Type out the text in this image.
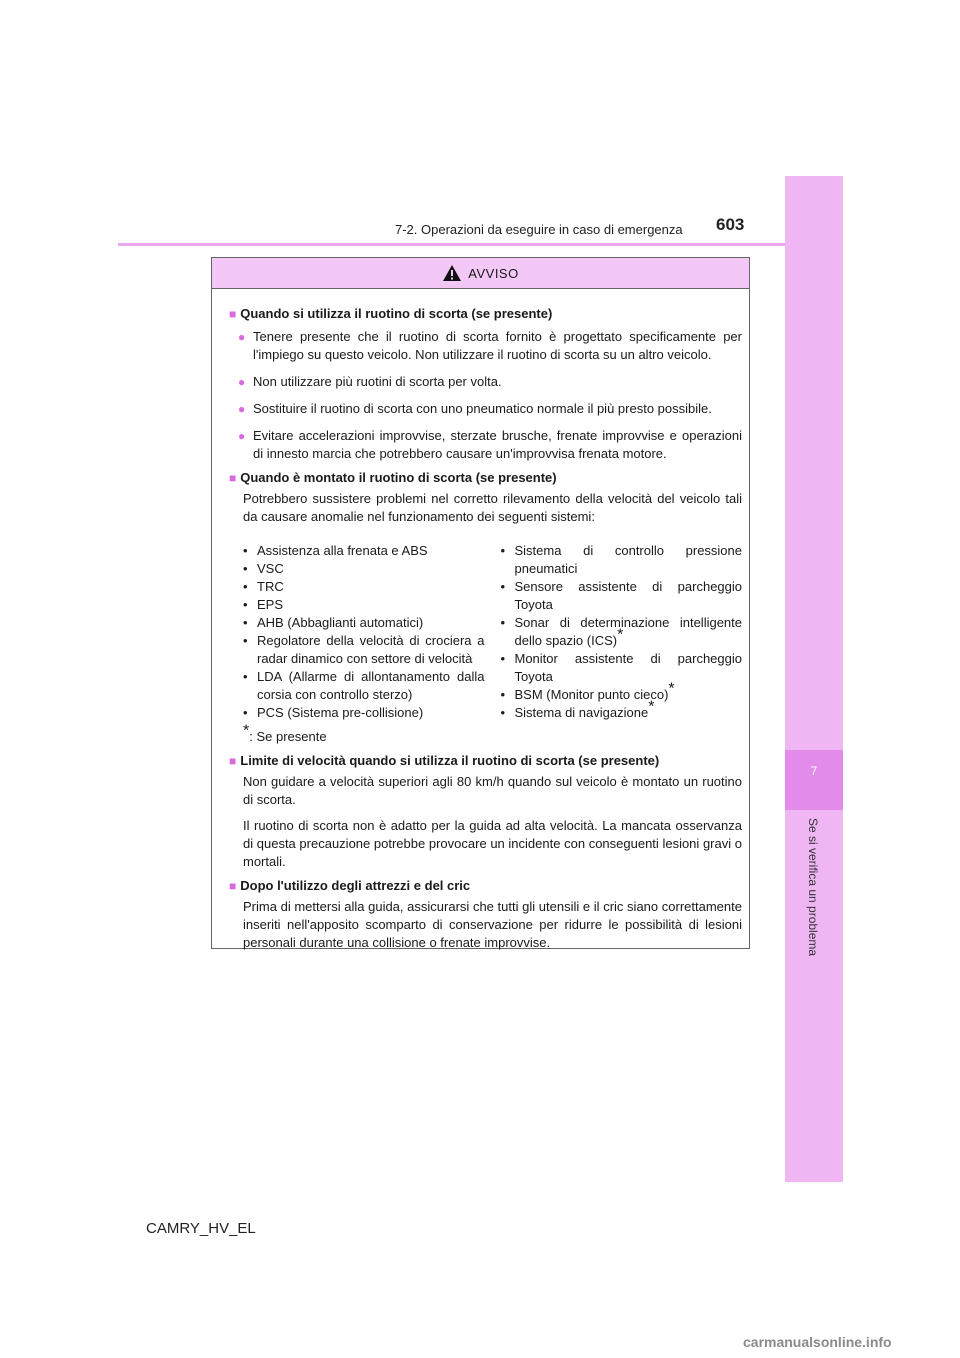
7
Se si verifica un problema
7-2. Operazioni da eseguire in caso di emergenza 603
AVVISO
■ Quando si utilizza il ruotino di scorta (se presente)
● Tenere presente che il ruotino di scorta fornito è progettato specificamente per l'impiego su questo veicolo. Non utilizzare il ruotino di scorta su un altro veicolo.
● Non utilizzare più ruotini di scorta per volta.
● Sostituire il ruotino di scorta con uno pneumatico normale il più presto possibile.
● Evitare accelerazioni improvvise, sterzate brusche, frenate improvvise e operazioni di innesto marcia che potrebbero causare un'improvvisa frenata motore.
■ Quando è montato il ruotino di scorta (se presente)
Potrebbero sussistere problemi nel corretto rilevamento della velocità del veicolo tali da causare anomalie nel funzionamento dei seguenti sistemi:
• Assistenza alla frenata e ABS
• VSC
• TRC
• EPS
• AHB (Abbaglianti automatici)
• Regolatore della velocità di crociera a radar dinamico con settore di velocità
• LDA (Allarme di allontanamento dalla corsia con controllo sterzo)
• PCS (Sistema pre-collisione)
• Sistema di controllo pressione pneumatici
• Sensore assistente di parcheggio Toyota
• Sonar di determinazione intelligente dello spazio (ICS)*
• Monitor assistente di parcheggio Toyota
• BSM (Monitor punto cieco)*
• Sistema di navigazione*
*: Se presente
■ Limite di velocità quando si utilizza il ruotino di scorta (se presente)
Non guidare a velocità superiori agli 80 km/h quando sul veicolo è montato un ruotino di scorta.
Il ruotino di scorta non è adatto per la guida ad alta velocità. La mancata osservanza di questa precauzione potrebbe provocare un incidente con conseguenti lesioni gravi o mortali.
■ Dopo l'utilizzo degli attrezzi e del cric
Prima di mettersi alla guida, assicurarsi che tutti gli utensili e il cric siano correttamente inseriti nell'apposito scomparto di conservazione per ridurre le possibilità di lesioni personali durante una collisione o frenate improvvise.
CAMRY_HV_EL
carmanualsonline.info
